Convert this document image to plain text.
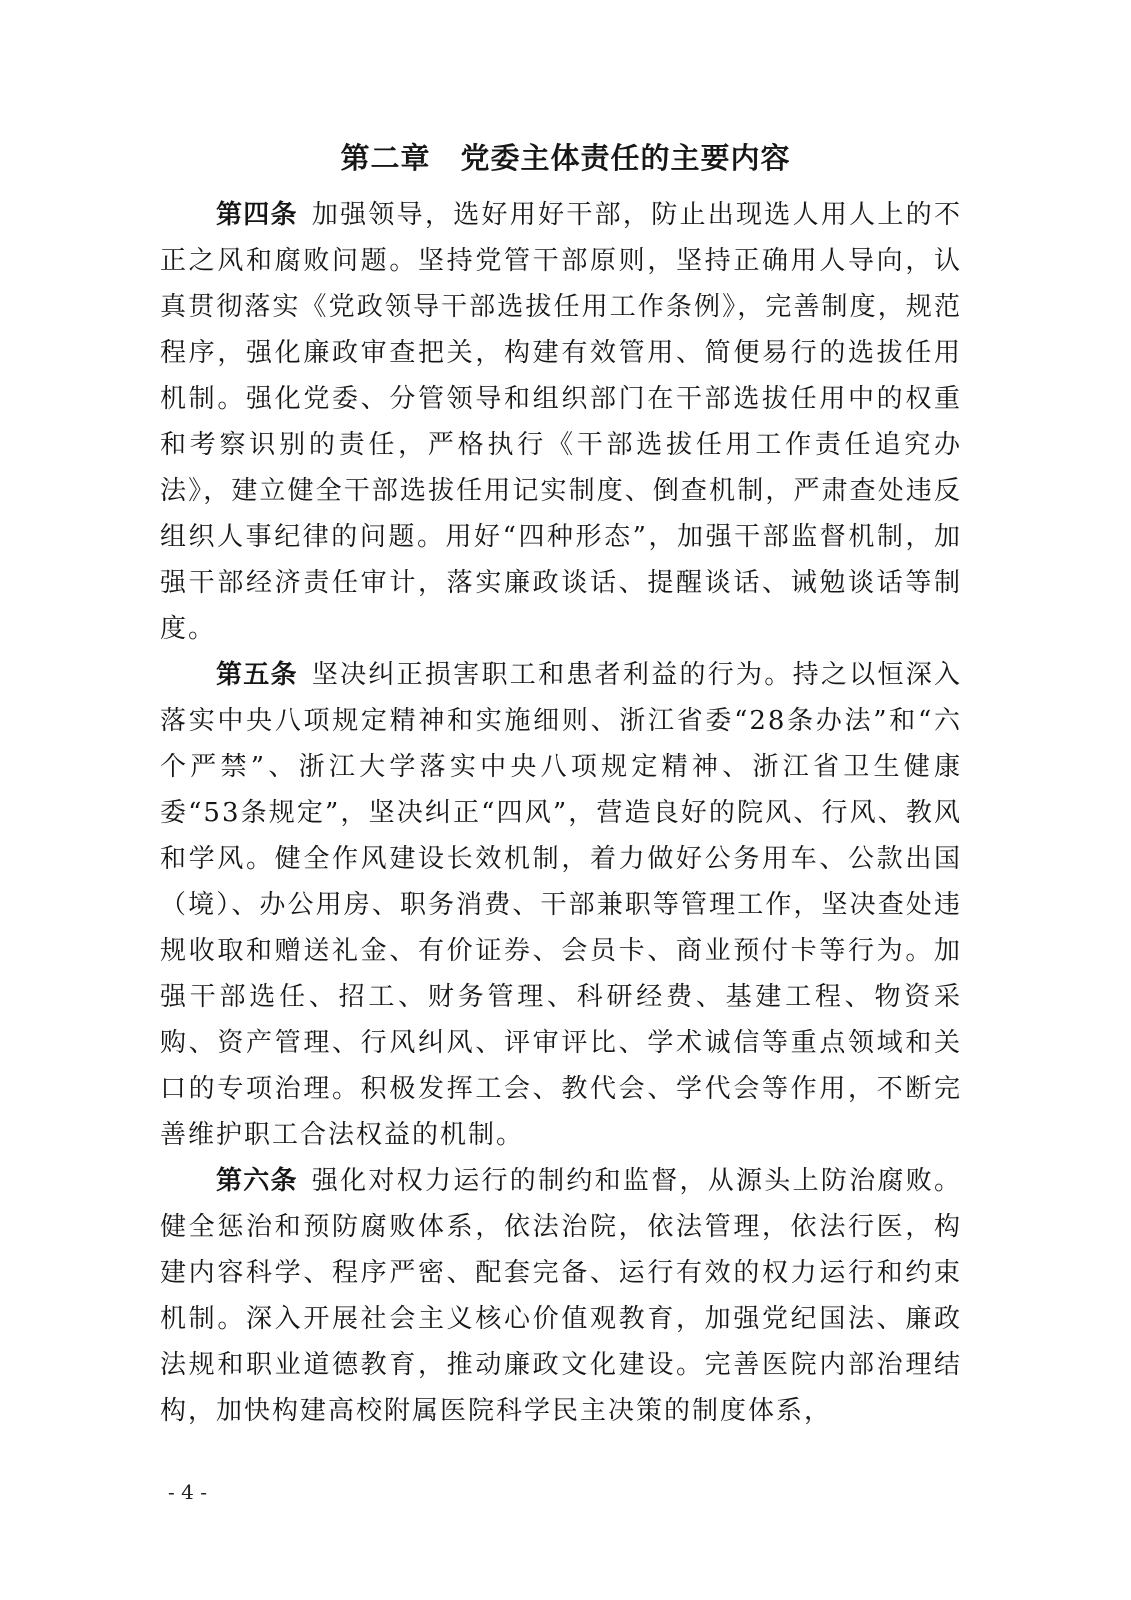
第二章　党委主体责任的主要内容

第四条 加强领导，选好用好干部，防止出现选人用人上的不正之风和腐败问题。坚持党管干部原则，坚持正确用人导向，认真贯彻落实《党政领导干部选拔任用工作条例》，完善制度，规范程序，强化廉政审查把关，构建有效管用、简便易行的选拔任用机制。强化党委、分管领导和组织部门在干部选拔任用中的权重和考察识别的责任，严格执行《干部选拔任用工作责任追究办法》，建立健全干部选拔任用记实制度、倒查机制，严肃查处违反组织人事纪律的问题。用好“四种形态”，加强干部监督机制，加强干部经济责任审计，落实廉政谈话、提醒谈话、诫勉谈话等制度。

第五条 坚决纠正损害职工和患者利益的行为。持之以恒深入落实中央八项规定精神和实施细则、浙江省委“28条办法”和“六个严禁”、浙江大学落实中央八项规定精神、浙江省卫生健康委“53条规定”，坚决纠正“四风”，营造良好的院风、行风、教风和学风。健全作风建设长效机制，着力做好公务用车、公款出国（境）、办公用房、职务消费、干部兼职等管理工作，坚决查处违规收取和赠送礼金、有价证券、会员卡、商业预付卡等行为。加强干部选任、招工、财务管理、科研经费、基建工程、物资采购、资产管理、行风纠风、评审评比、学术诚信等重点领域和关口的专项治理。积极发挥工会、教代会、学代会等作用，不断完善维护职工合法权益的机制。

第六条 强化对权力运行的制约和监督，从源头上防治腐败。健全惩治和预防腐败体系，依法治院，依法管理，依法行医，构建内容科学、程序严密、配套完备、运行有效的权力运行和约束机制。深入开展社会主义核心价值观教育，加强党纪国法、廉政法规和职业道德教育，推动廉政文化建设。完善医院内部治理结构，加快构建高校附属医院科学民主决策的制度体系，

- 4 -
